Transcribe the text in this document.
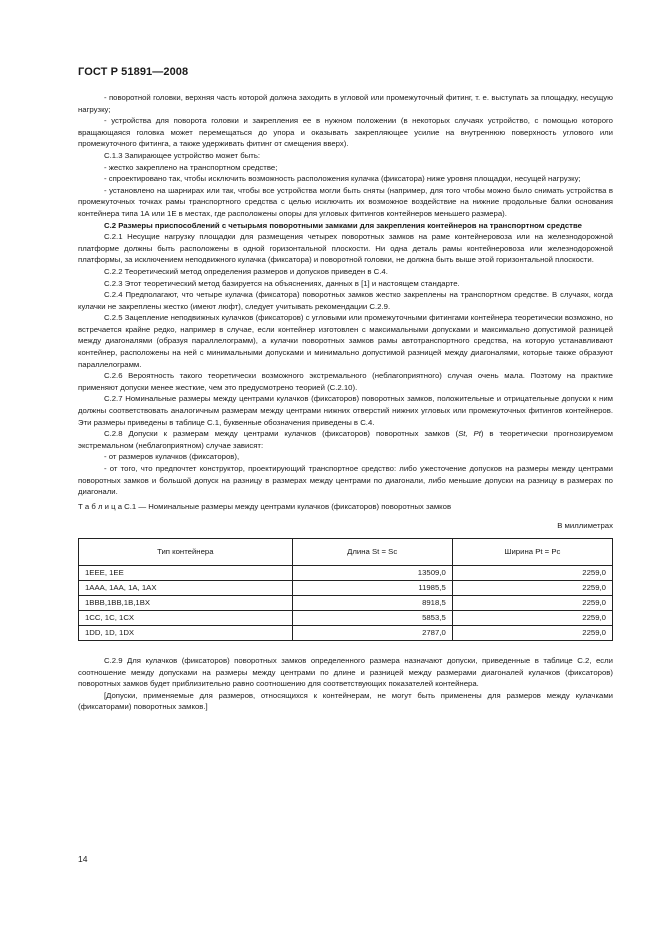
ГОСТ Р 51891—2008

- поворотной головки, верхняя часть которой должна заходить в угловой или промежуточный фитинг, т. е. выступать за площадку, несущую нагрузку;

- устройства для поворота головки и закрепления ее в нужном положении (в некоторых случаях устройство, с помощью которого вращающаяся головка может перемещаться до упора и оказывать закрепляющее усилие на внутреннюю поверхность углового или промежуточного фитинга, а также удерживать фитинг от смещения вверх).

С.1.3 Запирающее устройство может быть:

- жестко закреплено на транспортном средстве;

- спроектировано так, чтобы исключить возможность расположения кулачка (фиксатора) ниже уровня площадки, несущей нагрузку;

- установлено на шарнирах или так, чтобы все устройства могли быть сняты (например, для того чтобы можно было снимать устройства в промежуточных точках рамы транспортного средства с целью исключить их возможное воздействие на нижние продольные балки основания контейнера типа 1А или 1Е в местах, где расположены опоры для угловых фитингов контейнеров меньшего размера).

С.2 Размеры приспособлений с четырьмя поворотными замками для закрепления контейнеров на транспортном средстве

С.2.1 Несущие нагрузку площадки для размещения четырех поворотных замков на раме контейнеровоза или на железнодорожной платформе должны быть расположены в одной горизонтальной плоскости. Ни одна деталь рамы контейнеровоза или железнодорожной платформы, за исключением неподвижного кулачка (фиксатора) и поворотной головки, не должна быть выше этой горизонтальной плоскости.

С.2.2 Теоретический метод определения размеров и допусков приведен в С.4.

С.2.3 Этот теоретический метод базируется на объяснениях, данных в [1] и настоящем стандарте.

С.2.4 Предполагают, что четыре кулачка (фиксатора) поворотных замков жестко закреплены на транспортном средстве. В случаях, когда кулачки не закреплены жестко (имеют люфт), следует учитывать рекомендации С.2.9.

С.2.5 Зацепление неподвижных кулачков (фиксаторов) с угловыми или промежуточными фитингами контейнера теоретически возможно, но встречается крайне редко, например в случае, если контейнер изготовлен с максимальными допусками и максимально допустимой разницей между диагоналями (образуя параллелограмм), а кулачки поворотных замков рамы автотранспортного средства, на которую устанавливают контейнер, расположены на ней с минимальными допусками и минимально допустимой разницей между диагоналями, которые также образуют параллелограмм.

С.2.6 Вероятность такого теоретически возможного экстремального (неблагоприятного) случая очень мала. Поэтому на практике применяют допуски менее жесткие, чем это предусмотрено теорией (С.2.10).

С.2.7 Номинальные размеры между центрами кулачков (фиксаторов) поворотных замков, положительные и отрицательные допуски к ним должны соответствовать аналогичным размерам между центрами нижних отверстий нижних угловых или промежуточных фитингов контейнеров. Эти размеры приведены в таблице С.1, буквенные обозначения приведены в С.4.

С.2.8 Допуски к размерам между центрами кулачков (фиксаторов) поворотных замков (St, Pt) в теоретически прогнозируемом экстремальном (неблагоприятном) случае зависят:

- от размеров кулачков (фиксаторов),

- от того, что предпочтет конструктор, проектирующий транспортное средство: либо ужесточение допусков на размеры между центрами поворотных замков и большой допуск на разницу в размерах между центрами по диагонали, либо меньшие допуски на разницу в размерах по диагонали.

Т а б л и ц а С.1 — Номинальные размеры между центрами кулачков (фиксаторов) поворотных замков

В миллиметрах

Тип контейнера	Длина St = Sc	Ширина Pt = Pc
1EEE, 1EE	13509,0	2259,0
1AAA, 1AA, 1A, 1AX	11985,5	2259,0
1BBB,1BB,1B,1BX	8918,5	2259,0
1CC, 1C, 1CX	5853,5	2259,0
1DD, 1D, 1DX	2787,0	2259,0

С.2.9 Для кулачков (фиксаторов) поворотных замков определенного размера назначают допуски, приведенные в таблице С.2, если соотношение между допусками на размеры между центрами по длине и разницей между размерами диагоналей кулачков (фиксаторов) поворотных замков будет приблизительно равно соотношению для соответствующих показателей контейнера.

[Допуски, применяемые для размеров, относящихся к контейнерам, не могут быть применены для размеров между кулачками (фиксаторами) поворотных замков.]

14
